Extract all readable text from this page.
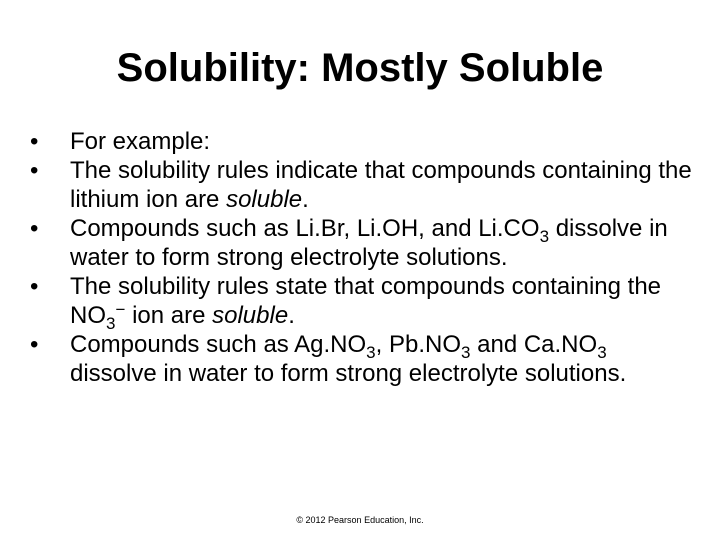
Solubility: Mostly Soluble
•	For example:
•	The solubility rules indicate that compounds containing the lithium ion are soluble.
•	Compounds such as Li.Br, Li.OH, and $Li.CO_3$ dissolve in water to form strong electrolyte solutions.
•	The solubility rules state that compounds containing the $NO_3^-$ ion are soluble.
•	Compounds such as $Ag.NO_3$, $Pb.NO_3$ and $Ca.NO_3$ dissolve in water to form strong electrolyte solutions.
© 2012 Pearson Education, Inc.
